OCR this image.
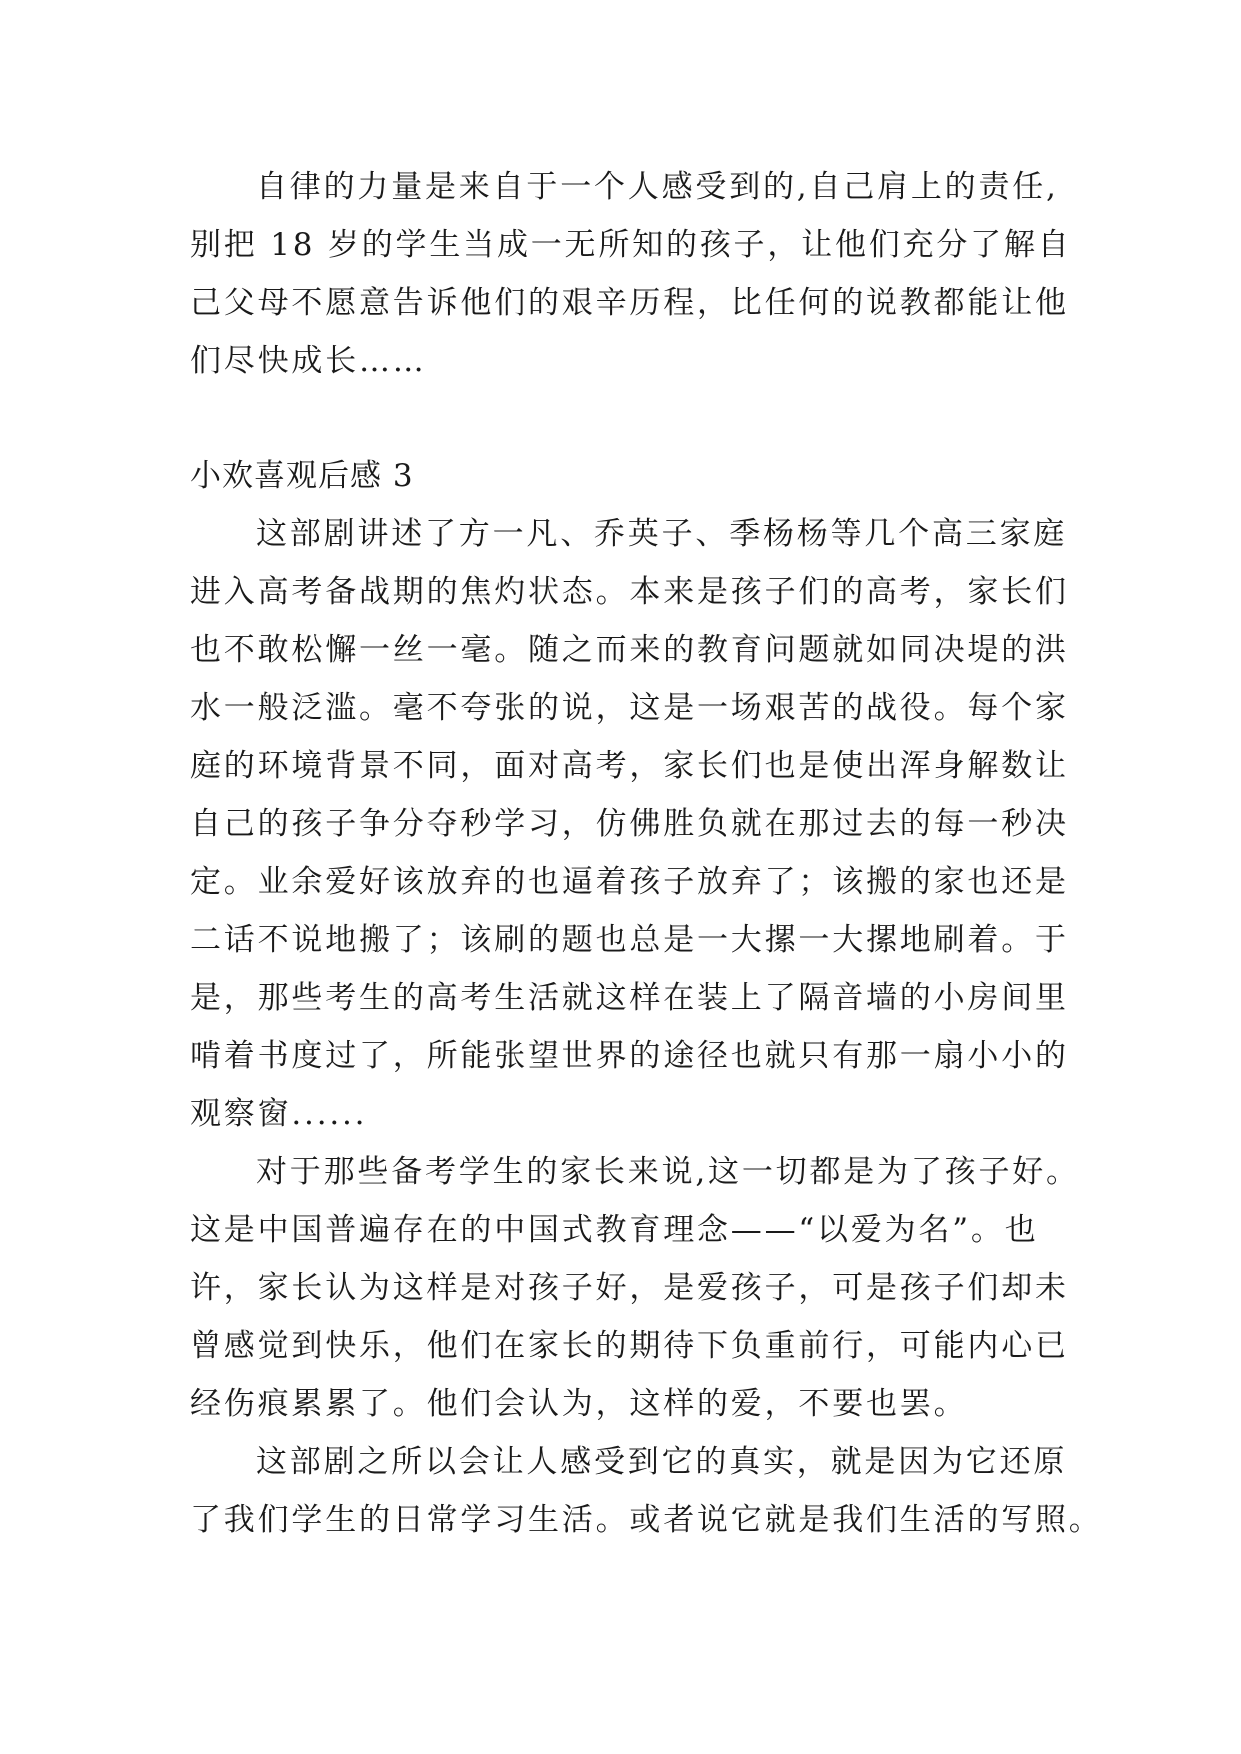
自律的力量是来自于一个人感受到的,自己肩上的责任,

别把 18 岁的学生当成一无所知的孩子，让他们充分了解自

己父母不愿意告诉他们的艰辛历程，比任何的说教都能让他

们尽快成长……

小欢喜观后感 3

这部剧讲述了方一凡、乔英子、季杨杨等几个高三家庭

进入高考备战期的焦灼状态。本来是孩子们的高考，家长们

也不敢松懈一丝一毫。随之而来的教育问题就如同决堤的洪

水一般泛滥。毫不夸张的说，这是一场艰苦的战役。每个家

庭的环境背景不同，面对高考，家长们也是使出浑身解数让

自己的孩子争分夺秒学习，仿佛胜负就在那过去的每一秒决

定。业余爱好该放弃的也逼着孩子放弃了；该搬的家也还是

二话不说地搬了；该刷的题也总是一大摞一大摞地刷着。于

是，那些考生的高考生活就这样在装上了隔音墙的小房间里

啃着书度过了，所能张望世界的途径也就只有那一扇小小的

观察窗......

对于那些备考学生的家长来说,这一切都是为了孩子好。

这是中国普遍存在的中国式教育理念——“以爱为名”。也

许，家长认为这样是对孩子好，是爱孩子，可是孩子们却未

曾感觉到快乐，他们在家长的期待下负重前行，可能内心已

经伤痕累累了。他们会认为，这样的爱，不要也罢。

这部剧之所以会让人感受到它的真实，就是因为它还原

了我们学生的日常学习生活。或者说它就是我们生活的写照。
